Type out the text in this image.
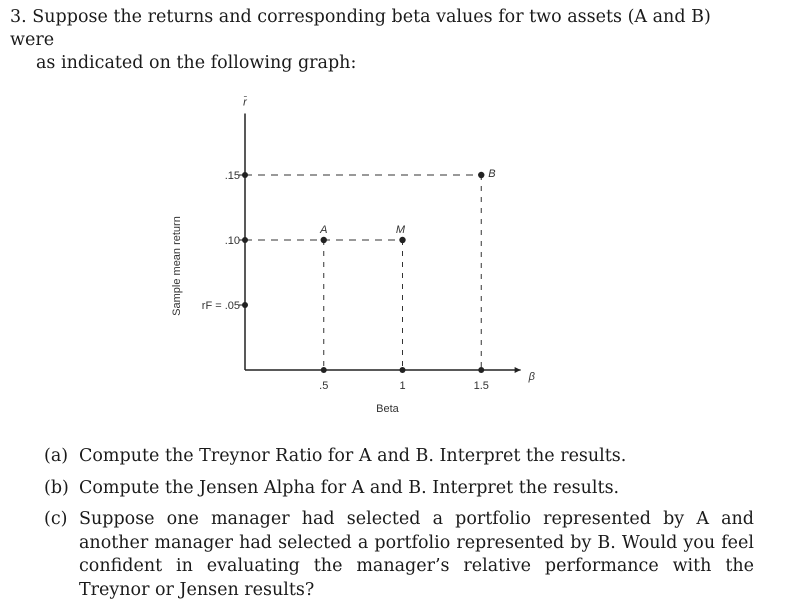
3. Suppose the returns and corresponding beta values for two assets (A and B) were
as indicated on the following graph:
r̄
β
Sample mean return
Beta
rF = .05
.10
.15
.5	1	1.5
A	M
B
(a) Compute the Treynor Ratio for A and B. Interpret the results.
(b) Compute the Jensen Alpha for A and B. Interpret the results.
(c) Suppose one manager had selected a portfolio represented by A and another manager had selected a portfolio represented by B. Would you feel confident in evaluating the manager’s relative performance with the Treynor or Jensen results?
